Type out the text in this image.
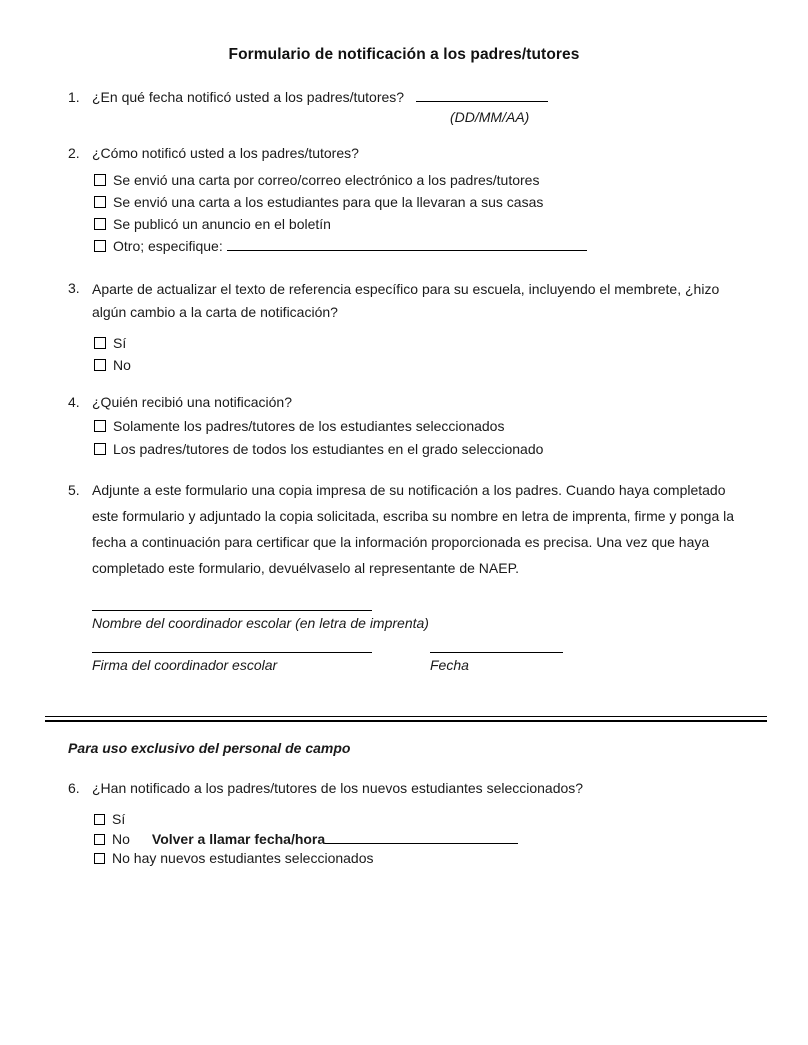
Formulario de notificación a los padres/tutores
1. ¿En qué fecha notificó usted a los padres/tutores?
(DD/MM/AA)
2. ¿Cómo notificó usted a los padres/tutores?
Se envió una carta por correo/correo electrónico a los padres/tutores
Se envió una carta a los estudiantes para que la llevaran a sus casas
Se publicó un anuncio en el boletín
Otro; especifique:
3. Aparte de actualizar el texto de referencia específico para su escuela, incluyendo el membrete, ¿hizo algún cambio a la carta de notificación?
Sí
No
4. ¿Quién recibió una notificación?
Solamente los padres/tutores de los estudiantes seleccionados
Los padres/tutores de todos los estudiantes en el grado seleccionado
5. Adjunte a este formulario una copia impresa de su notificación a los padres. Cuando haya completado este formulario y adjuntado la copia solicitada, escriba su nombre en letra de imprenta, firme y ponga la fecha a continuación para certificar que la información proporcionada es precisa. Una vez que haya completado este formulario, devuélvaselo al representante de NAEP.
Nombre del coordinador escolar (en letra de imprenta)
Firma del coordinador escolar	Fecha
Para uso exclusivo del personal de campo
6. ¿Han notificado a los padres/tutores de los nuevos estudiantes seleccionados?
Sí
No Volver a llamar fecha/hora
No hay nuevos estudiantes seleccionados
